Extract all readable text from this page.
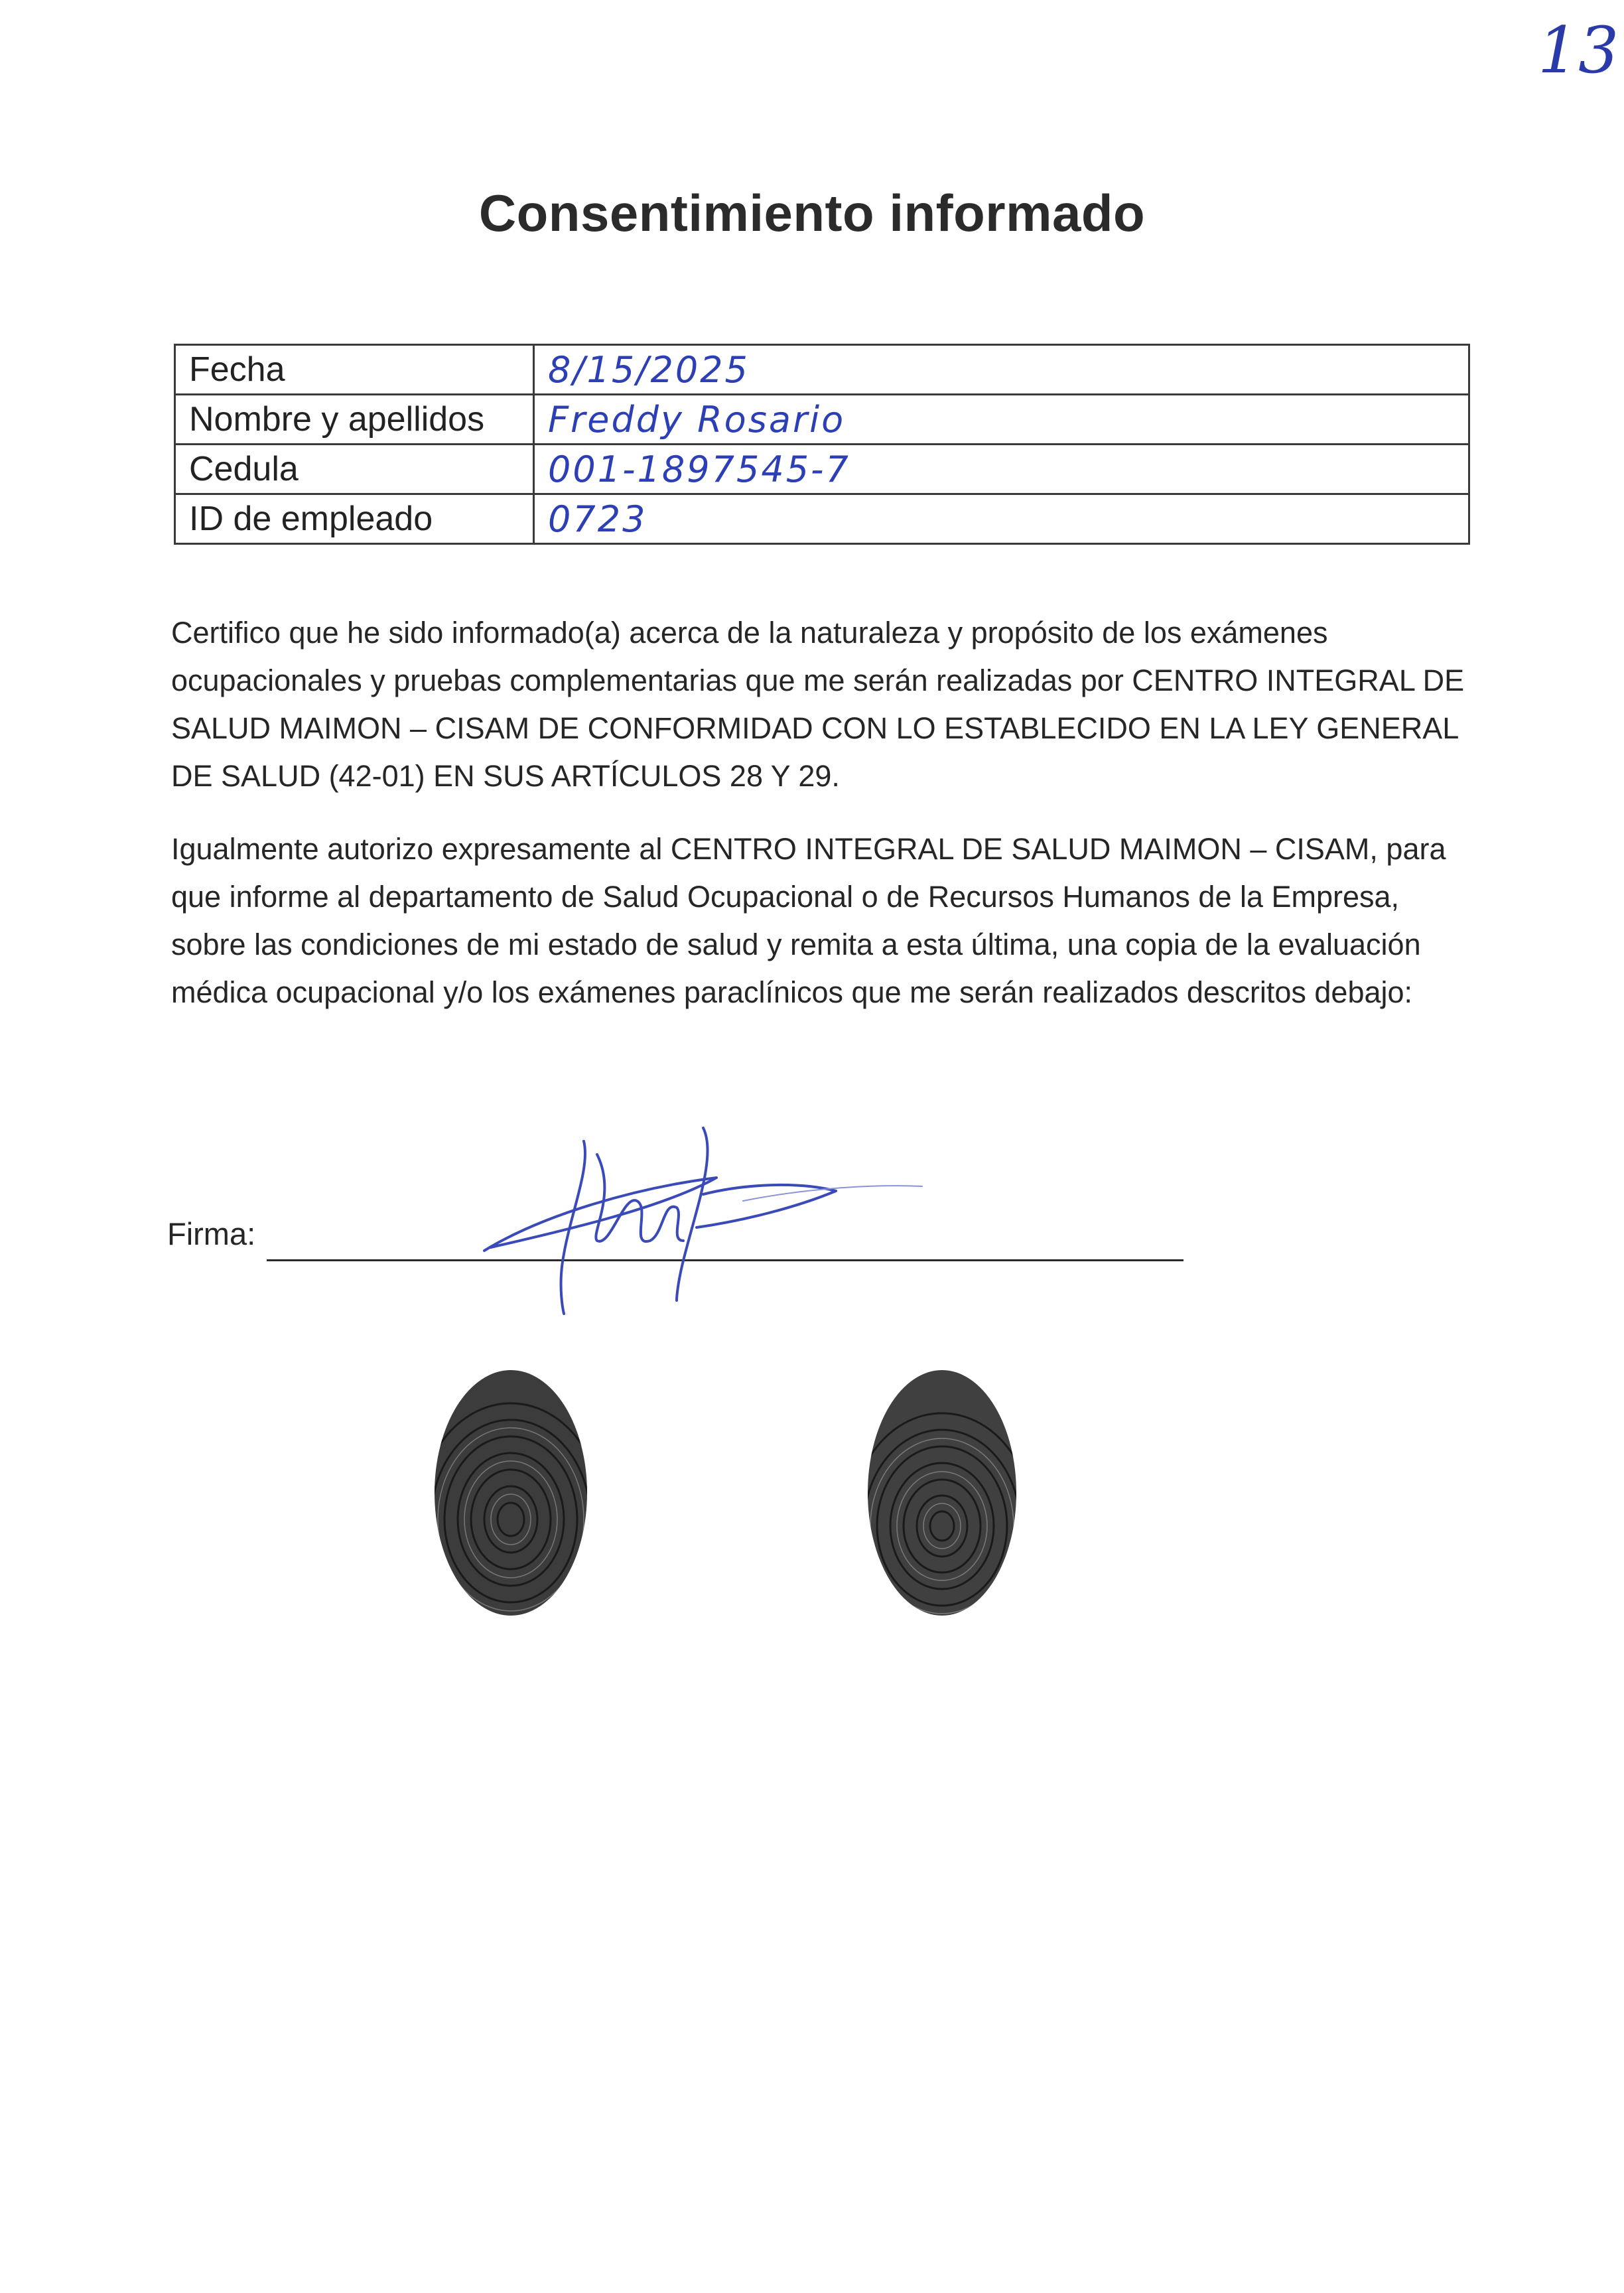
13
Consentimiento informado
Fecha	8/15/2025
Nombre y apellidos	Freddy Rosario
Cedula	001-1897545-7
ID de empleado	0723

Certifico que he sido informado(a) acerca de la naturaleza y propósito de los exámenes ocupacionales y pruebas complementarias que me serán realizadas por CENTRO INTEGRAL DE SALUD MAIMON – CISAM DE CONFORMIDAD CON LO ESTABLECIDO EN LA LEY GENERAL DE SALUD (42-01) EN SUS ARTÍCULOS 28 Y 29.

Igualmente autorizo expresamente al CENTRO INTEGRAL DE SALUD MAIMON – CISAM, para que informe al departamento de Salud Ocupacional o de Recursos Humanos de la Empresa, sobre las condiciones de mi estado de salud y remita a esta última, una copia de la evaluación médica ocupacional y/o los exámenes paraclínicos que me serán realizados descritos debajo:

Firma:
